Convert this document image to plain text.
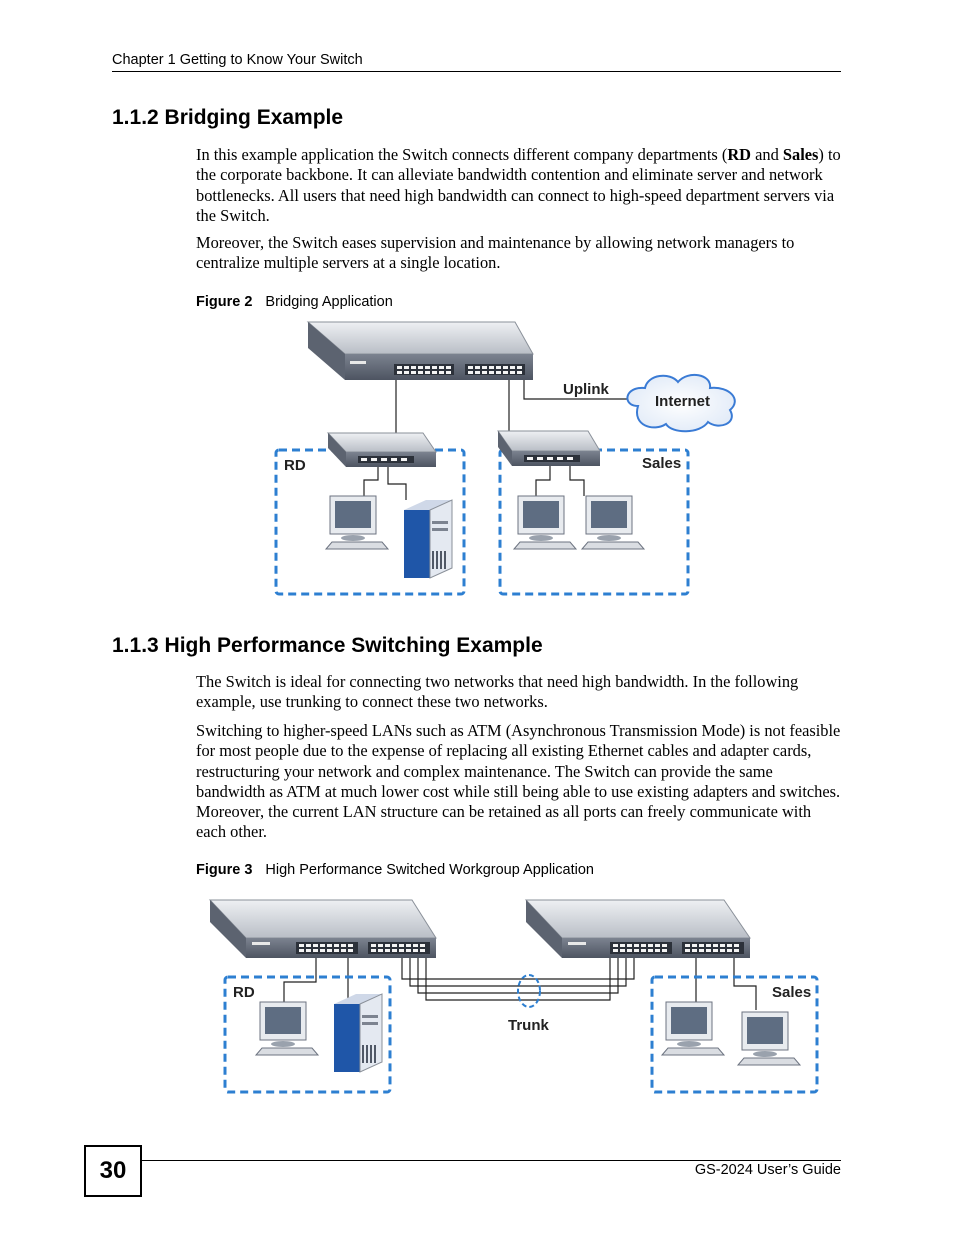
Chapter 1 Getting to Know Your Switch
1.1.2 Bridging Example

In this example application the Switch connects different company departments (RD and Sales) to the corporate backbone. It can alleviate bandwidth contention and eliminate server and network bottlenecks. All users that need high bandwidth can connect to high-speed department servers via the Switch.

Moreover, the Switch eases supervision and maintenance by allowing network managers to centralize multiple servers at a single location.

Figure 2 Bridging Application
Uplink
Internet
RD	Sales
1.1.3 High Performance Switching Example

The Switch is ideal for connecting two networks that need high bandwidth. In the following example, use trunking to connect these two networks.

Switching to higher-speed LANs such as ATM (Asynchronous Transmission Mode) is not feasible for most people due to the expense of replacing all existing Ethernet cables and adapter cards, restructuring your network and complex maintenance. The Switch can provide the same bandwidth as ATM at much lower cost while still being able to use existing adapters and switches. Moreover, the current LAN structure can be retained as all ports can freely communicate with each other.

Figure 3 High Performance Switched Workgroup Application
Trunk
RD	Sales
30	GS-2024 User’s Guide
